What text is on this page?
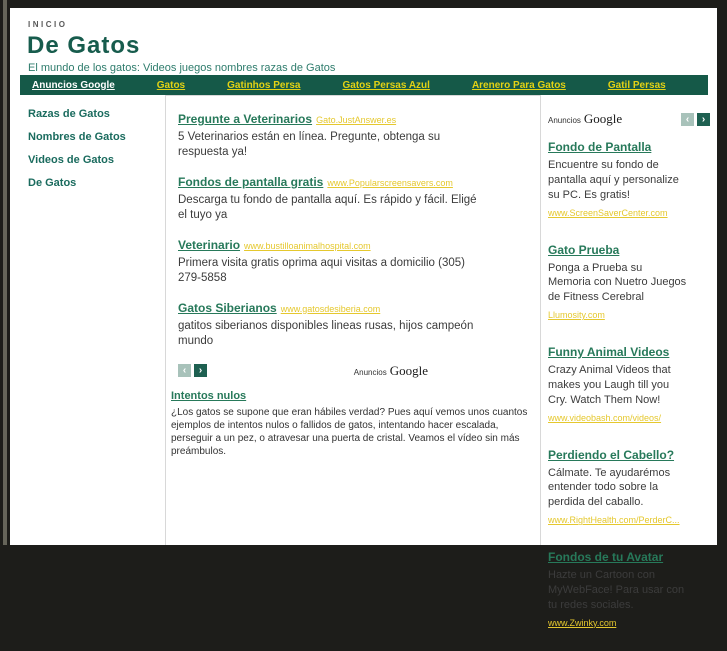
INICIO
De Gatos
El mundo de los gatos: Videos juegos nombres razas de Gatos
Anuncios Google	Gatos	Gatinhos Persa	Gatos Persas Azul	Arenero Para Gatos	Gatil Persas
Razas de Gatos
Nombres de Gatos
Videos de Gatos
De Gatos
Pregunte a Veterinarios Gato.JustAnswer.es
5 Veterinarios están en línea. Pregunte, obtenga su respuesta ya!
Fondos de pantalla gratis www.Popularscreensavers.com
Descarga tu fondo de pantalla aquí. Es rápido y fácil. Eligé el tuyo ya
Veterinario www.bustilloanimalhospital.com
Primera visita gratis oprima aqui visitas a domicilio (305) 279-5858
Gatos Siberianos www.gatosdesiberia.com
gatitos siberianos disponibles lineas rusas, hijos campeón mundo
‹	›	Anuncios Google
Intentos nulos
¿Los gatos se supone que eran hábiles verdad? Pues aquí vemos unos cuantos ejemplos de intentos nulos o fallidos de gatos, intentando hacer escalada, perseguir a un pez, o atravesar una puerta de cristal. Veamos el vídeo sin más preámbulos.
Anuncios Google	‹	›
Fondo de Pantalla
Encuentre su fondo de pantalla aquí y personalize su PC. Es gratis!
www.ScreenSaverCenter.com
Gato Prueba
Ponga a Prueba su Memoria con Nuetro Juegos de Fitness Cerebral
Llumosity.com
Funny Animal Videos
Crazy Animal Videos that makes you Laugh till you Cry. Watch Them Now!
www.videobash.com/videos/
Perdiendo el Cabello?
Cálmate. Te ayudarémos entender todo sobre la perdida del caballo.
www.RightHealth.com/PerderC...
Fondos de tu Avatar
Hazte un Cartoon con MyWebFace! Para usar con tu redes sociales.
www.Zwinky.com
